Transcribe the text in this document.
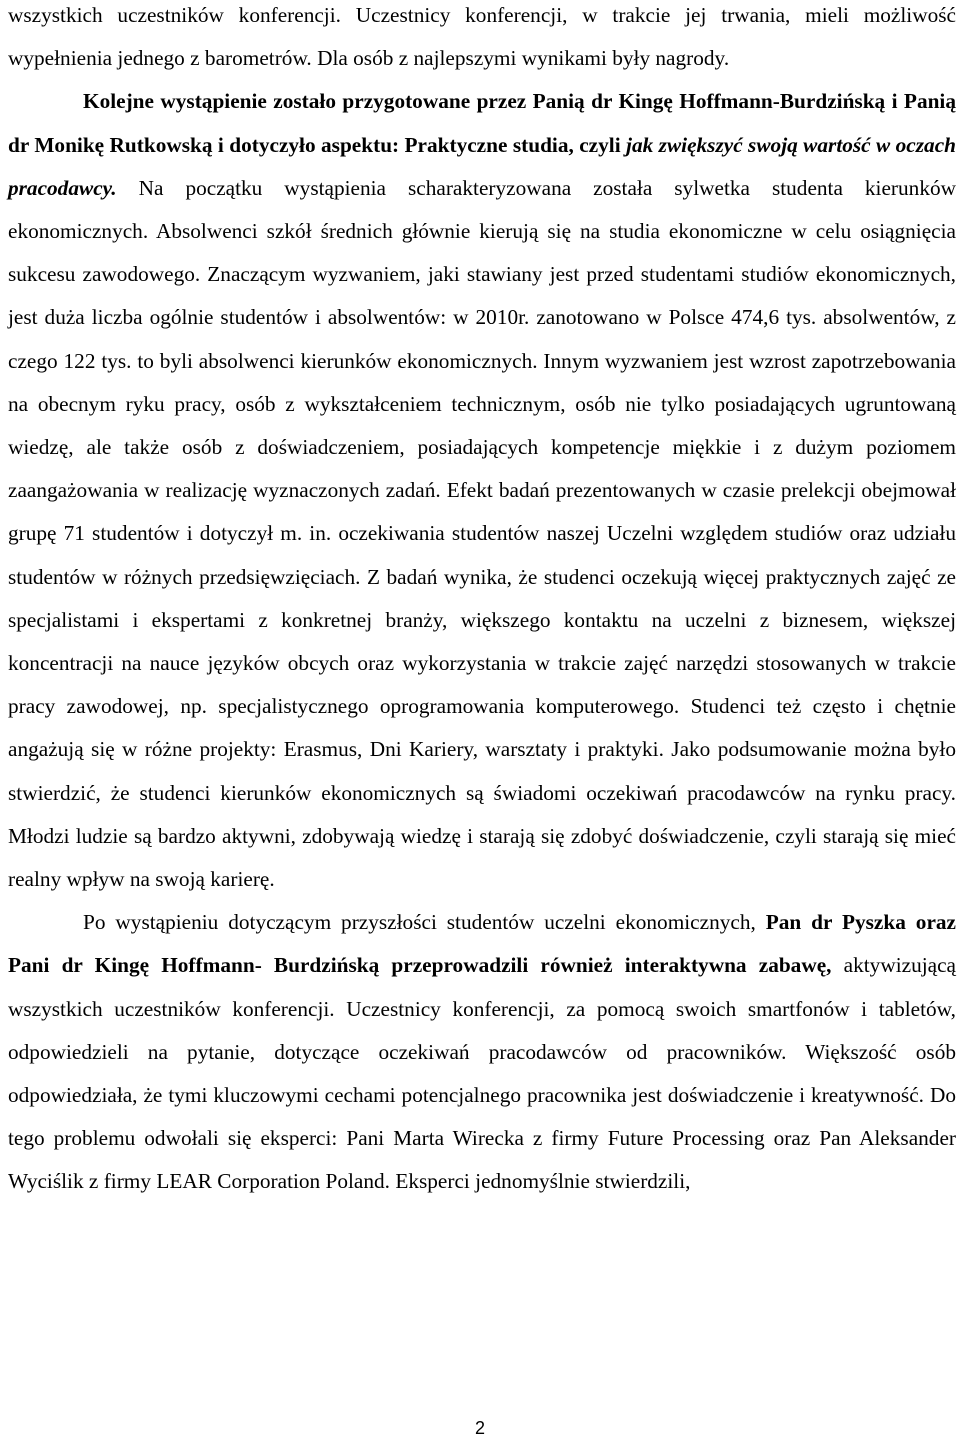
wszystkich uczestników konferencji. Uczestnicy konferencji, w trakcie jej trwania, mieli możliwość wypełnienia jednego z barometrów. Dla osób z najlepszymi wynikami były nagrody.

Kolejne wystąpienie zostało przygotowane przez Panią dr Kingę Hoffmann-Burdzińską i Panią dr Monikę Rutkowską i dotyczyło aspektu: Praktyczne studia, czyli jak zwiększyć swoją wartość w oczach pracodawcy. Na początku wystąpienia scharakteryzowana została sylwetka studenta kierunków ekonomicznych. Absolwenci szkół średnich głównie kierują się na studia ekonomiczne w celu osiągnięcia sukcesu zawodowego. Znaczącym wyzwaniem, jaki stawiany jest przed studentami studiów ekonomicznych, jest duża liczba ogólnie studentów i absolwentów: w 2010r. zanotowano w Polsce 474,6 tys. absolwentów, z czego 122 tys. to byli absolwenci kierunków ekonomicznych. Innym wyzwaniem jest wzrost zapotrzebowania na obecnym ryku pracy, osób z wykształceniem technicznym, osób nie tylko posiadających ugruntowaną wiedzę, ale także osób z doświadczeniem, posiadających kompetencje miękkie i z dużym poziomem zaangażowania w realizację wyznaczonych zadań. Efekt badań prezentowanych w czasie prelekcji obejmował grupę 71 studentów i dotyczył m. in. oczekiwania studentów naszej Uczelni względem studiów oraz udziału studentów w różnych przedsięwzięciach. Z badań wynika, że studenci oczekują więcej praktycznych zajęć ze specjalistami i ekspertami z konkretnej branży, większego kontaktu na uczelni z biznesem, większej koncentracji na nauce języków obcych oraz wykorzystania w trakcie zajęć narzędzi stosowanych w trakcie pracy zawodowej, np. specjalistycznego oprogramowania komputerowego. Studenci też często i chętnie angażują się w różne projekty: Erasmus, Dni Kariery, warsztaty i praktyki. Jako podsumowanie można było stwierdzić, że studenci kierunków ekonomicznych są świadomi oczekiwań pracodawców na rynku pracy. Młodzi ludzie są bardzo aktywni, zdobywają wiedzę i starają się zdobyć doświadczenie, czyli starają się mieć realny wpływ na swoją karierę.

Po wystąpieniu dotyczącym przyszłości studentów uczelni ekonomicznych, Pan dr Pyszka oraz Pani dr Kingę Hoffmann- Burdzińską przeprowadzili również interaktywna zabawę, aktywizującą wszystkich uczestników konferencji. Uczestnicy konferencji, za pomocą swoich smartfonów i tabletów, odpowiedzieli na pytanie, dotyczące oczekiwań pracodawców od pracowników. Większość osób odpowiedziała, że tymi kluczowymi cechami potencjalnego pracownika jest doświadczenie i kreatywność. Do tego problemu odwołali się eksperci: Pani Marta Wirecka z firmy Future Processing oraz Pan Aleksander Wyciślik z firmy LEAR Corporation Poland. Eksperci jednomyślnie stwierdzili,

2
